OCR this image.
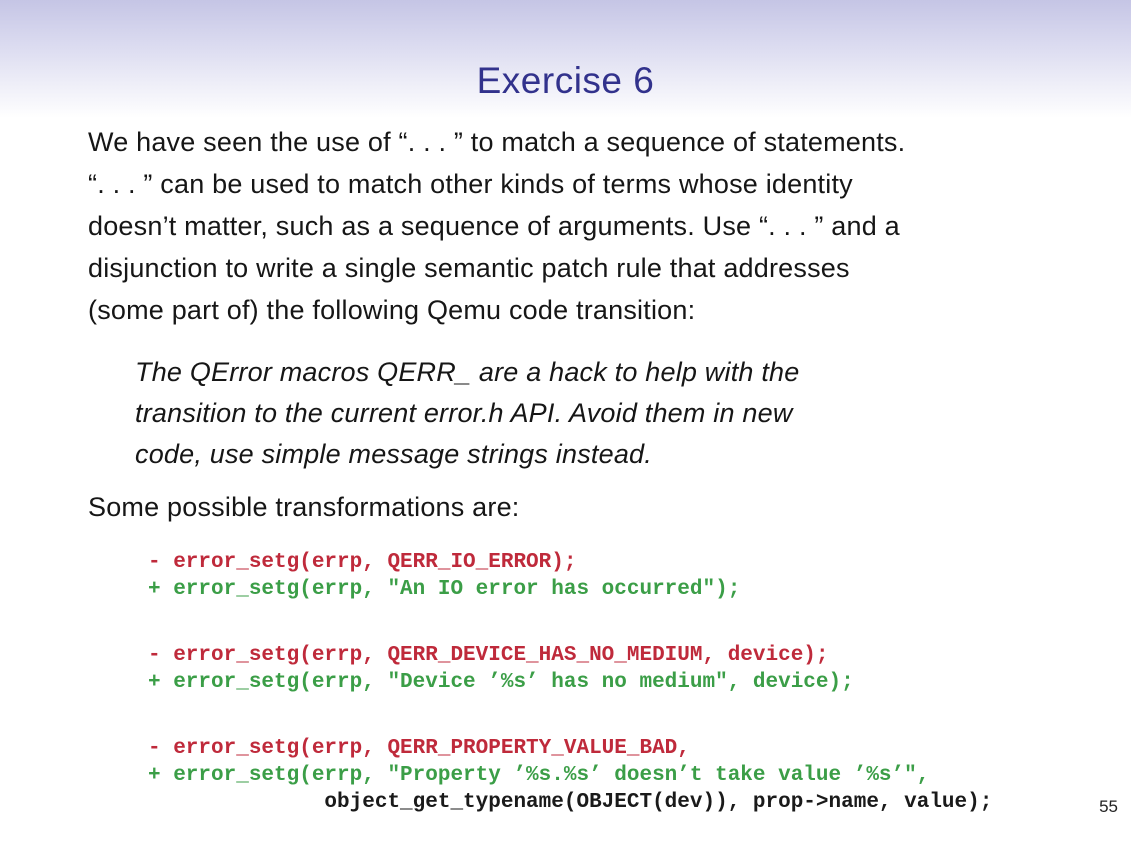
Exercise 6
We have seen the use of “. . . ” to match a sequence of statements.
“. . . ” can be used to match other kinds of terms whose identity
doesn’t matter, such as a sequence of arguments. Use “. . . ” and a
disjunction to write a single semantic patch rule that addresses
(some part of) the following Qemu code transition:
The QError macros QERR_ are a hack to help with the
transition to the current error.h API. Avoid them in new
code, use simple message strings instead.
Some possible transformations are:
- error_setg(errp, QERR_IO_ERROR);
+ error_setg(errp, "An IO error has occurred");
- error_setg(errp, QERR_DEVICE_HAS_NO_MEDIUM, device);
+ error_setg(errp, "Device ’%s’ has no medium", device);
- error_setg(errp, QERR_PROPERTY_VALUE_BAD,
+ error_setg(errp, "Property ’%s.%s’ doesn’t take value ’%s’",
object_get_typename(OBJECT(dev)), prop->name, value);	55
